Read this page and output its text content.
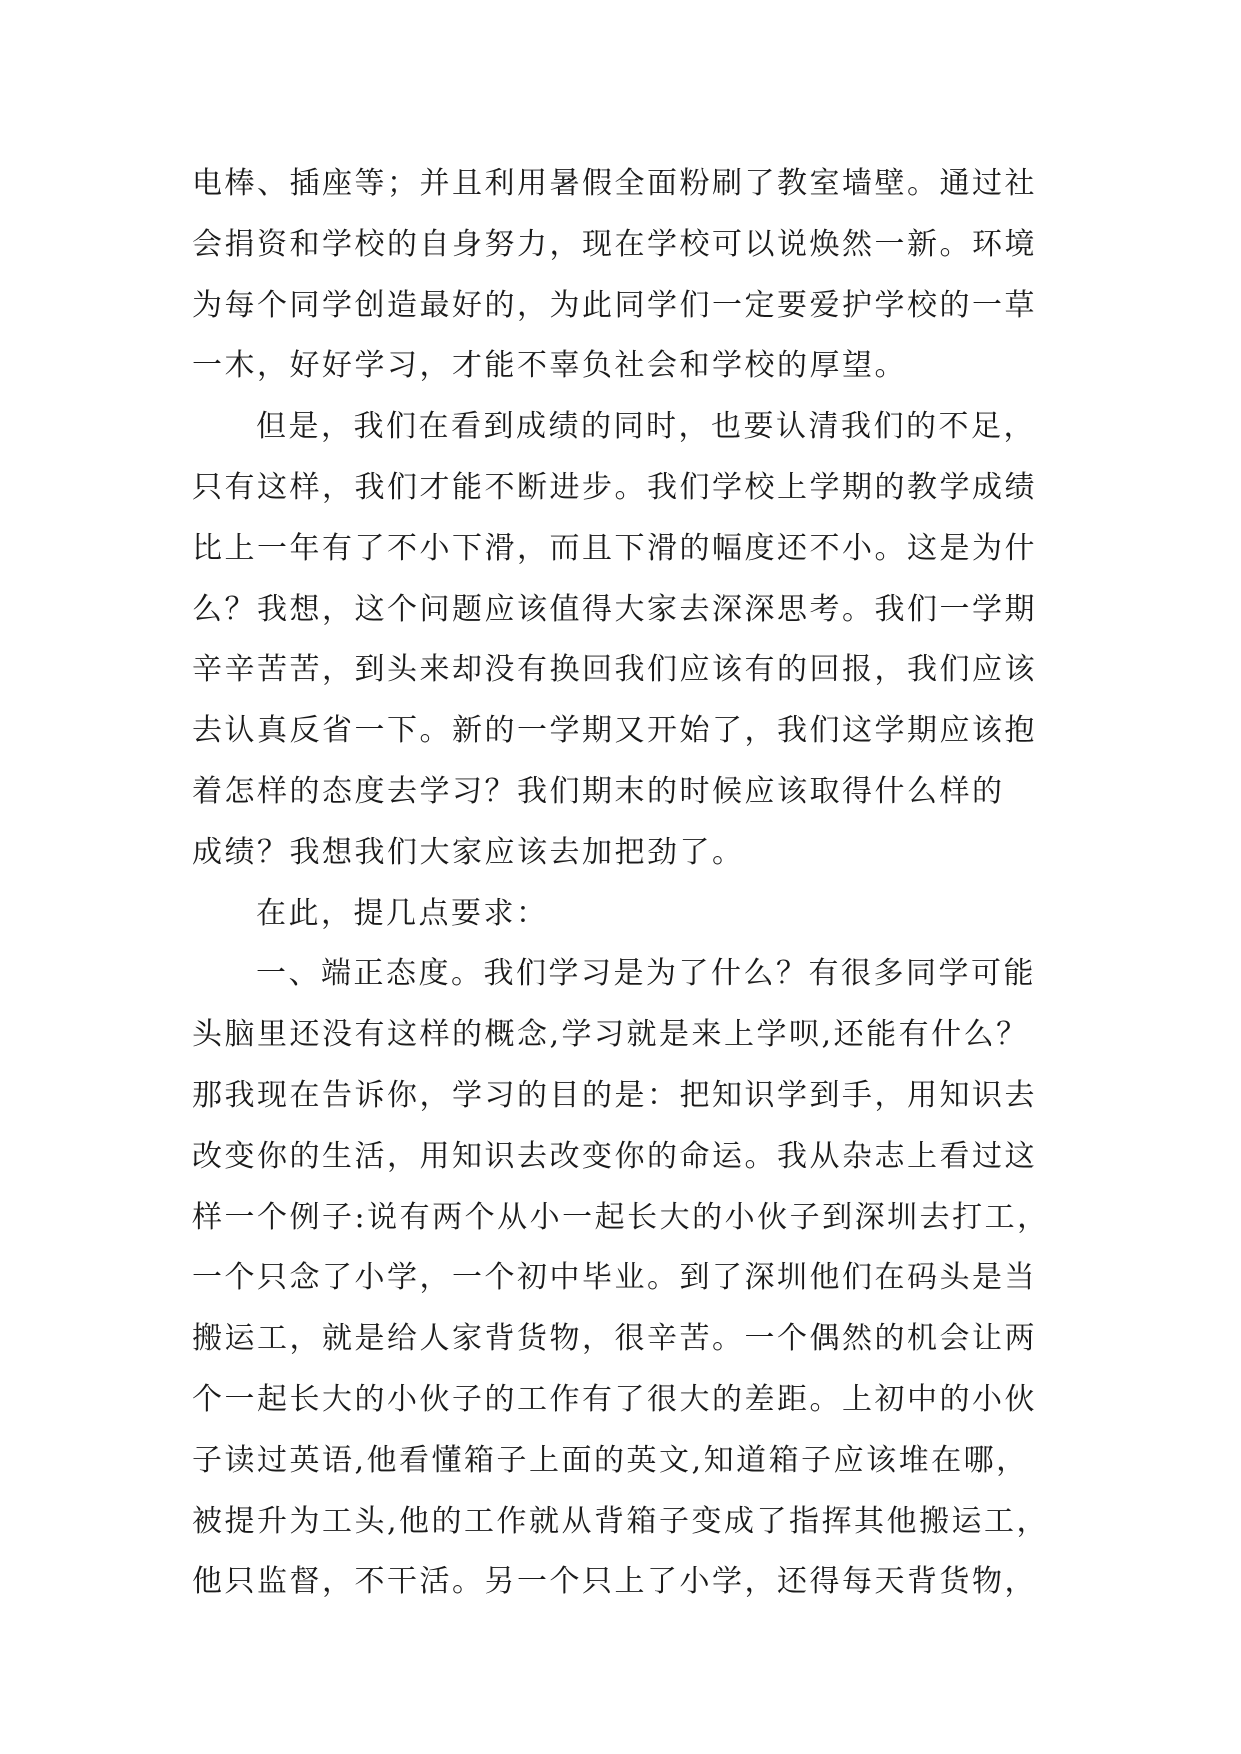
电棒、插座等；并且利用暑假全面粉刷了教室墙壁。通过社
会捐资和学校的自身努力，现在学校可以说焕然一新。环境
为每个同学创造最好的，为此同学们一定要爱护学校的一草
一木，好好学习，才能不辜负社会和学校的厚望。
但是，我们在看到成绩的同时，也要认清我们的不足，
只有这样，我们才能不断进步。我们学校上学期的教学成绩
比上一年有了不小下滑，而且下滑的幅度还不小。这是为什
么？我想，这个问题应该值得大家去深深思考。我们一学期
辛辛苦苦，到头来却没有换回我们应该有的回报，我们应该
去认真反省一下。新的一学期又开始了，我们这学期应该抱
着怎样的态度去学习？我们期末的时候应该取得什么样的
成绩？我想我们大家应该去加把劲了。
在此，提几点要求：
一、端正态度。我们学习是为了什么？有很多同学可能
头脑里还没有这样的概念,学习就是来上学呗,还能有什么？
那我现在告诉你，学习的目的是：把知识学到手，用知识去
改变你的生活，用知识去改变你的命运。我从杂志上看过这
样一个例子:说有两个从小一起长大的小伙子到深圳去打工，
一个只念了小学，一个初中毕业。到了深圳他们在码头是当
搬运工，就是给人家背货物，很辛苦。一个偶然的机会让两
个一起长大的小伙子的工作有了很大的差距。上初中的小伙
子读过英语,他看懂箱子上面的英文,知道箱子应该堆在哪，
被提升为工头,他的工作就从背箱子变成了指挥其他搬运工，
他只监督，不干活。另一个只上了小学，还得每天背货物，
